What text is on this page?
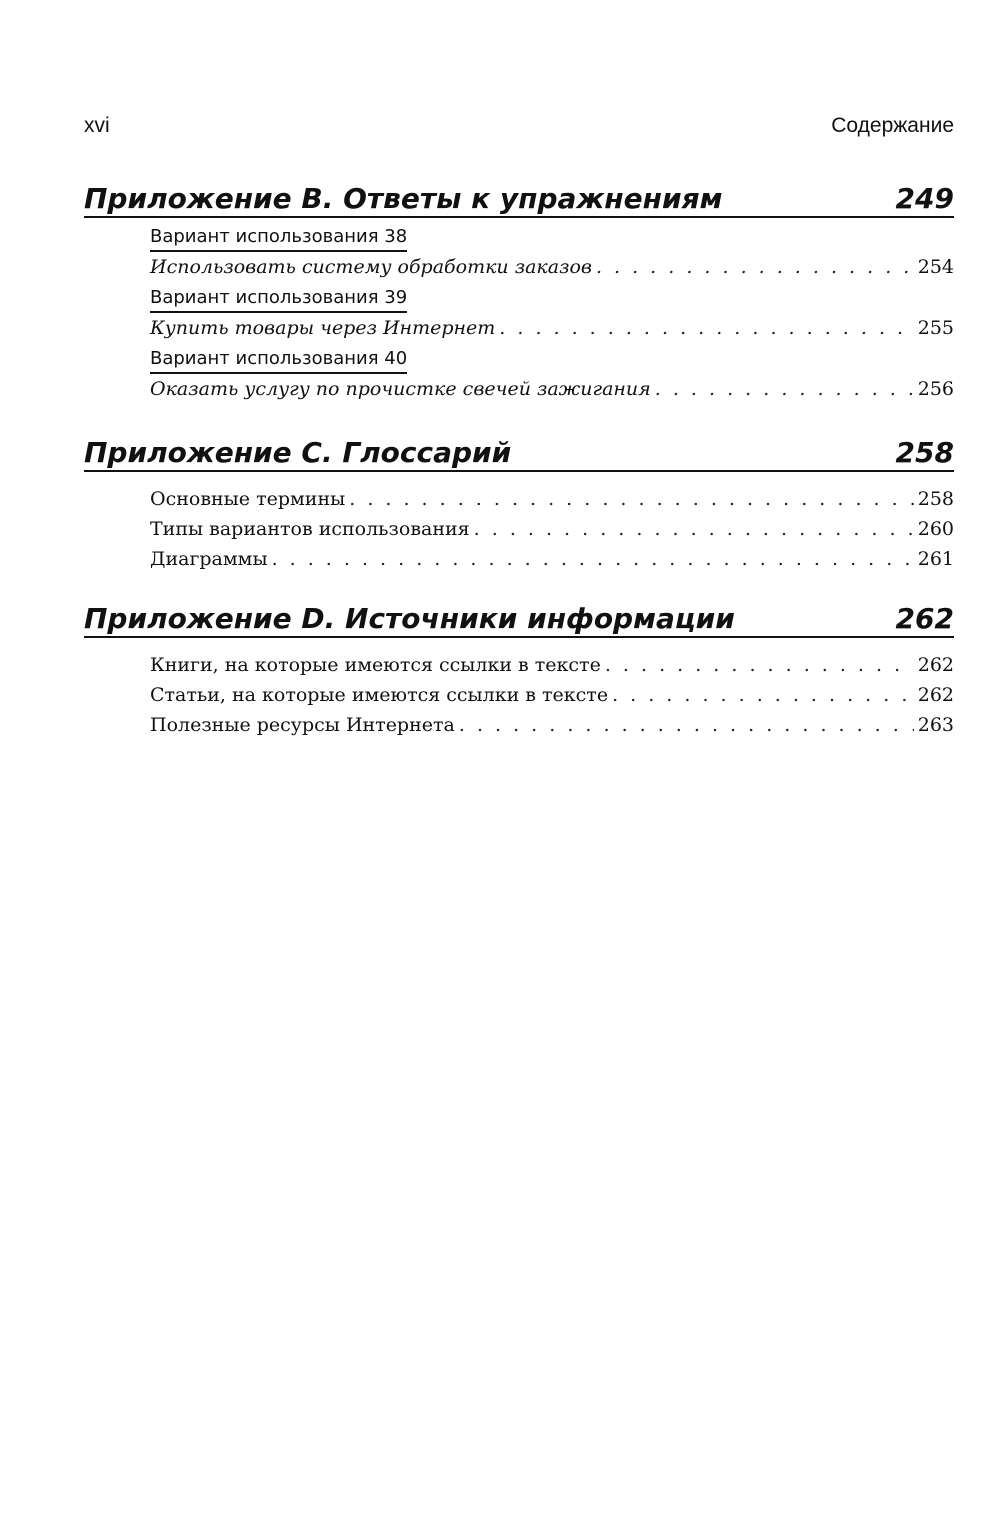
xvi	Содержание
Приложение В. Ответы к упражнениям	249
Вариант использования 38
Использовать систему обработки заказов . . .	254
Вариант использования 39
Купить товары через Интернет . . .	255
Вариант использования 40
Оказать услугу по прочистке свечей зажигания . . .	256
Приложение С. Глоссарий	258
Основные термины . . .	258
Типы вариантов использования . . .	260
Диаграммы . . .	261
Приложение D. Источники информации	262
Книги, на которые имеются ссылки в тексте . . .	262
Статьи, на которые имеются ссылки в тексте . . .	262
Полезные ресурсы Интернета . . .	263
